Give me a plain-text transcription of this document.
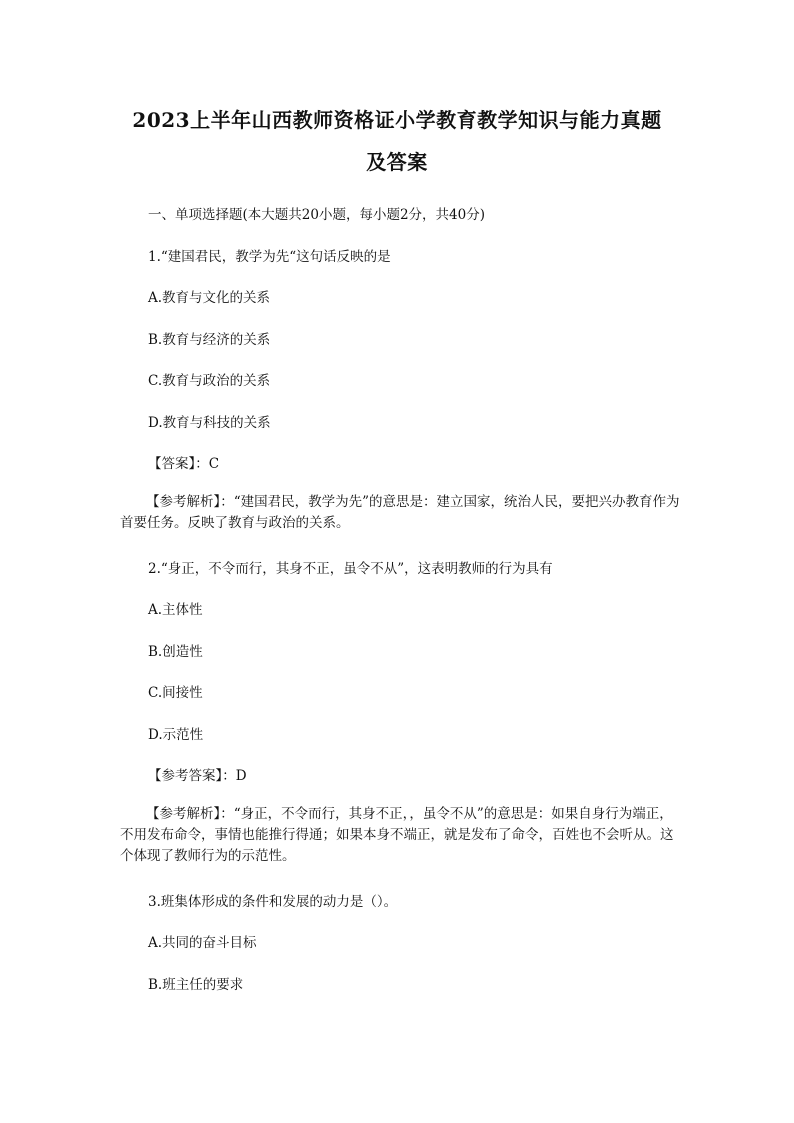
2023上半年山西教师资格证小学教育教学知识与能力真题
及答案
一、单项选择题(本大题共20小题，每小题2分，共40分)
1.“建国君民，教学为先“这句话反映的是
A.教育与文化的关系
B.教育与经济的关系
C.教育与政治的关系
D.教育与科技的关系
【答案】：C
【参考解析】：“建国君民，教学为先”的意思是：建立国家，统治人民，要把兴办教育作为首要任务。反映了教育与政治的关系。
2.“身正，不令而行，其身不正，虽令不从”，这表明教师的行为具有
A.主体性
B.创造性
C.间接性
D.示范性
【参考答案】：D
【参考解析】：“身正，不令而行，其身不正，，虽令不从”的意思是：如果自身行为端正，不用发布命令，事情也能推行得通；如果本身不端正，就是发布了命令，百姓也不会听从。这个体现了教师行为的示范性。
3.班集体形成的条件和发展的动力是（）。
A.共同的奋斗目标
B.班主任的要求
